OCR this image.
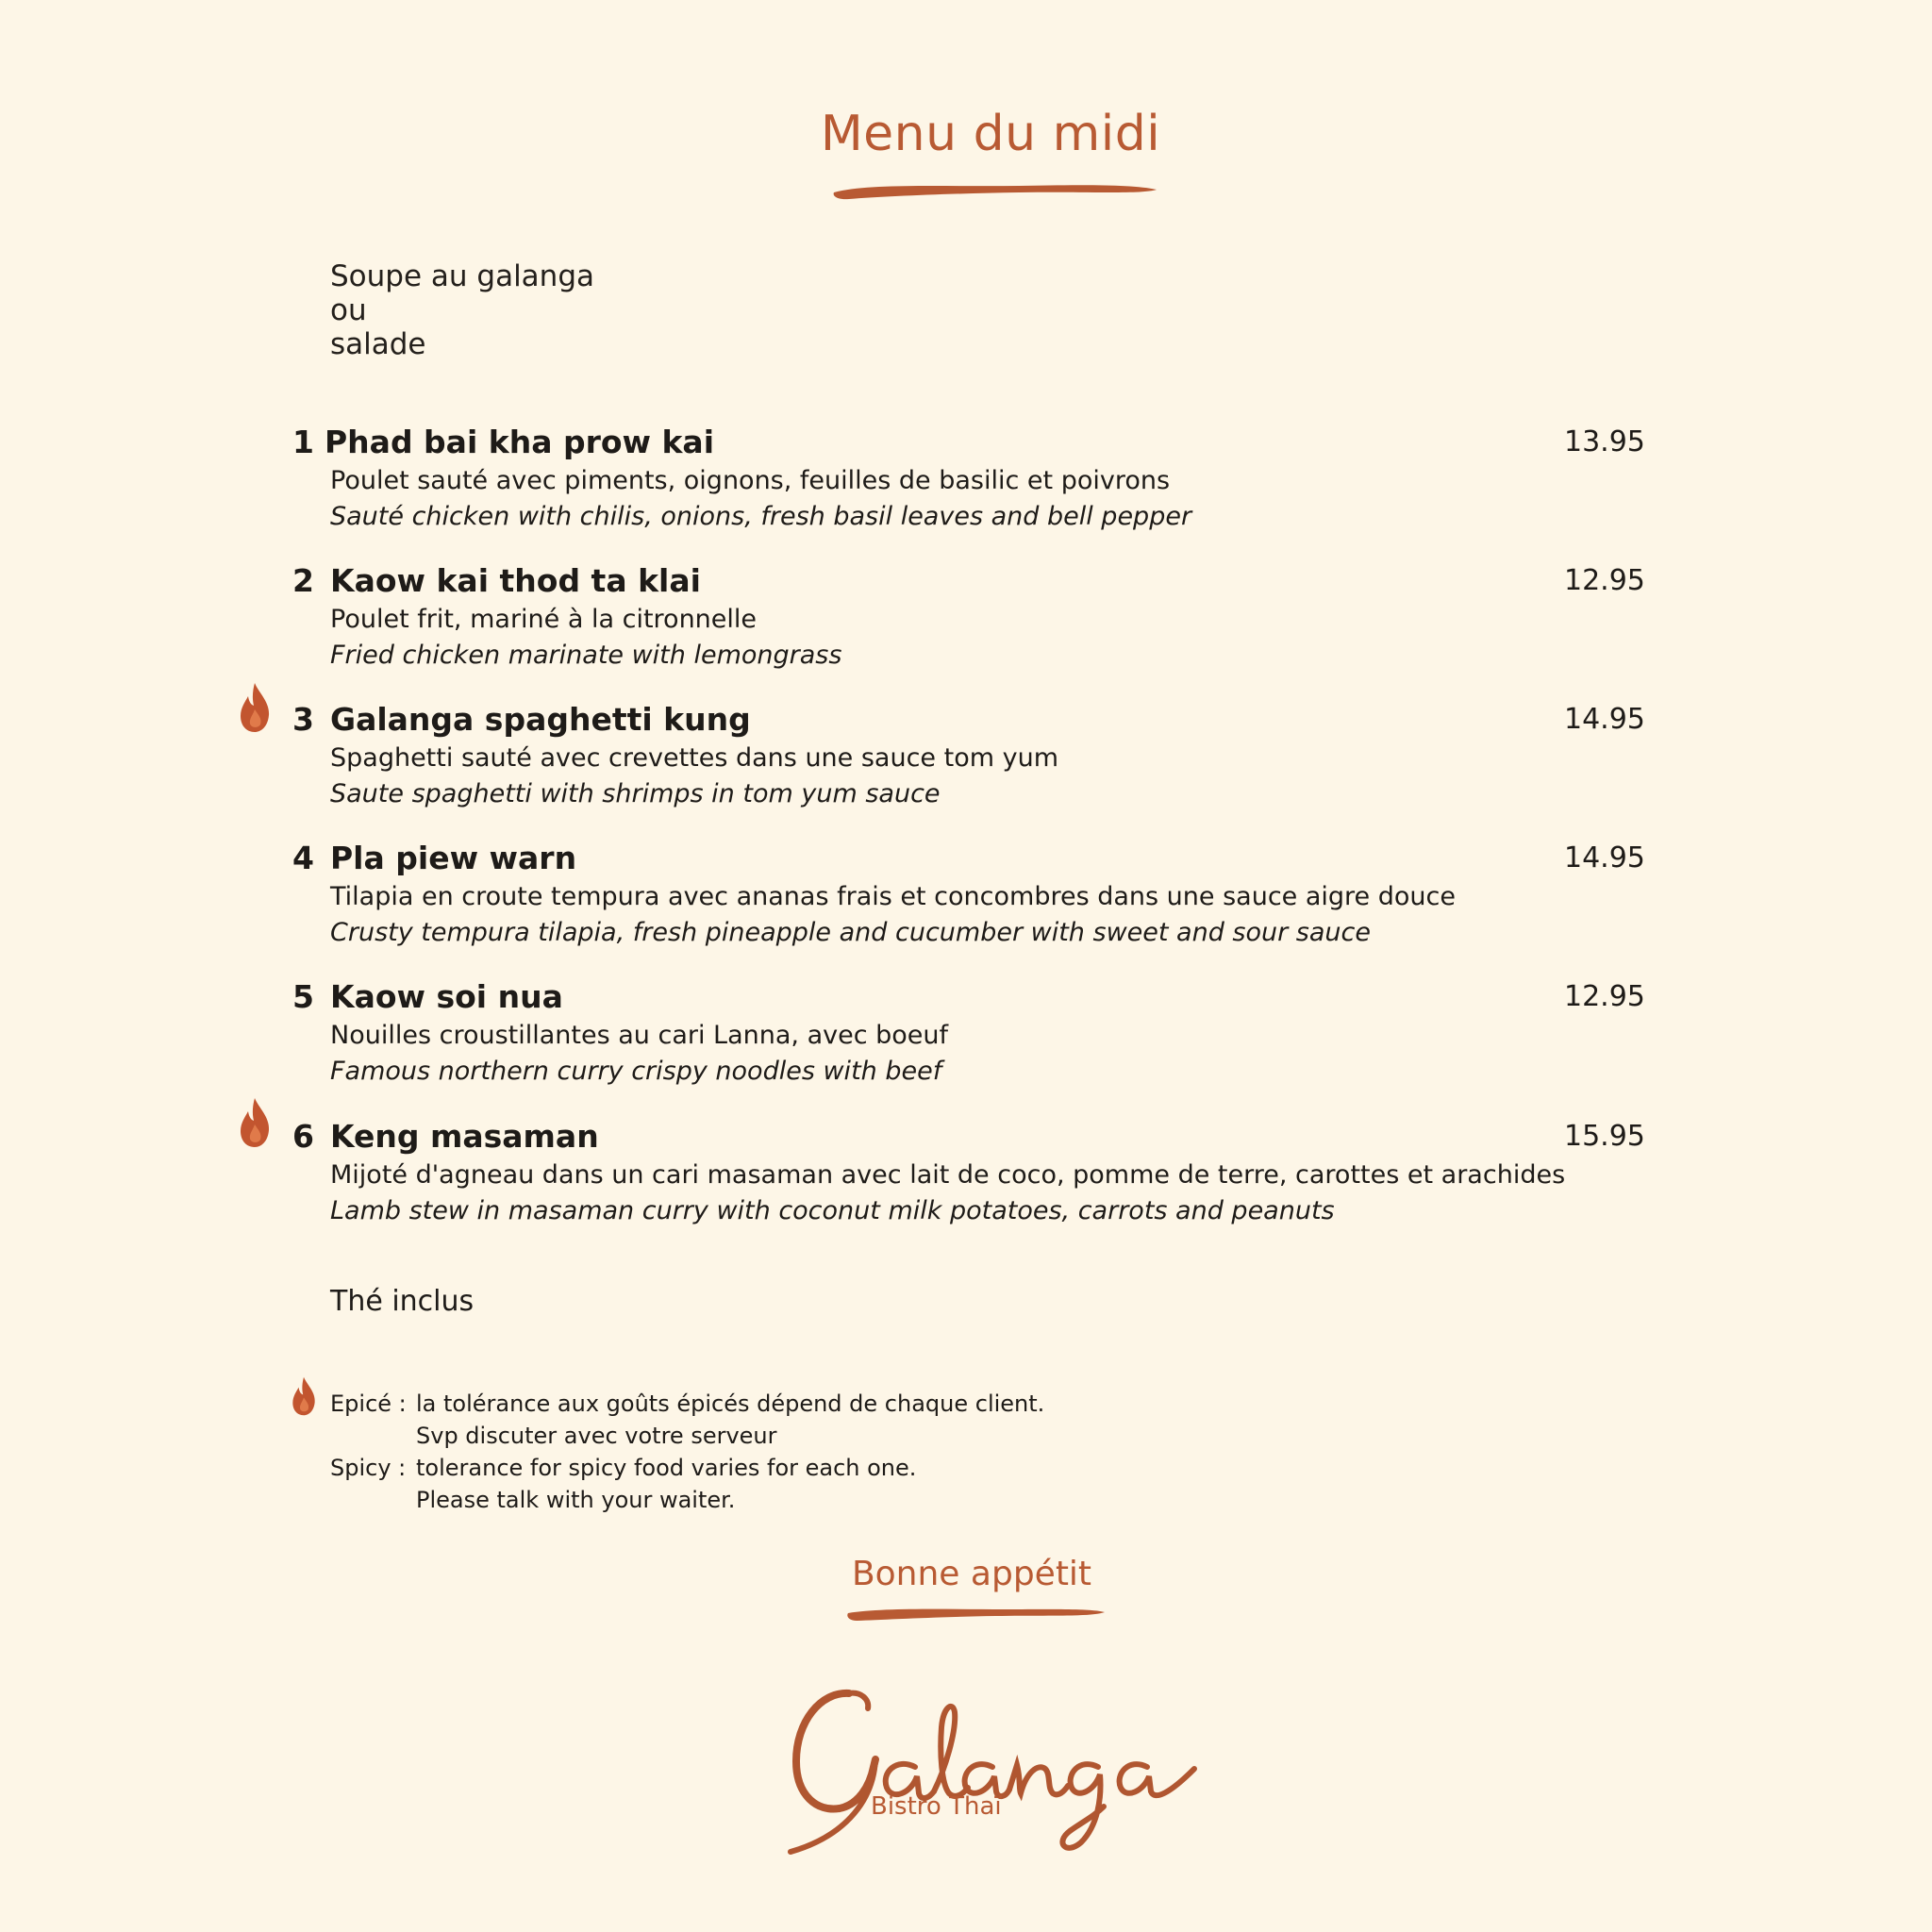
Menu du midi
Soupe au galanga
ou
salade
1 Phad bai kha prow kai	13.95
Poulet sauté avec piments, oignons, feuilles de basilic et poivrons
Sauté chicken with chilis, onions, fresh basil leaves and bell pepper
2 Kaow kai thod ta klai	12.95
Poulet frit, mariné à la citronnelle
Fried chicken marinate with lemongrass
3 Galanga spaghetti kung	14.95
Spaghetti sauté avec crevettes dans une sauce tom yum
Saute spaghetti with shrimps in tom yum sauce
4 Pla piew warn	14.95
Tilapia en croute tempura avec ananas frais et concombres dans une sauce aigre douce
Crusty tempura tilapia, fresh pineapple and cucumber with sweet and sour sauce
5 Kaow soi nua	12.95
Nouilles croustillantes au cari Lanna, avec boeuf
Famous northern curry crispy noodles with beef
6 Keng masaman	15.95
Mijoté d'agneau dans un cari masaman avec lait de coco, pomme de terre, carottes et arachides
Lamb stew in masaman curry with coconut milk potatoes, carrots and peanuts
Thé inclus
Epicé : la tolérance aux goûts épicés dépend de chaque client.
Svp discuter avec votre serveur
Spicy : tolerance for spicy food varies for each one.
Please talk with your waiter.
Bonne appétit
Bistro Thaï
